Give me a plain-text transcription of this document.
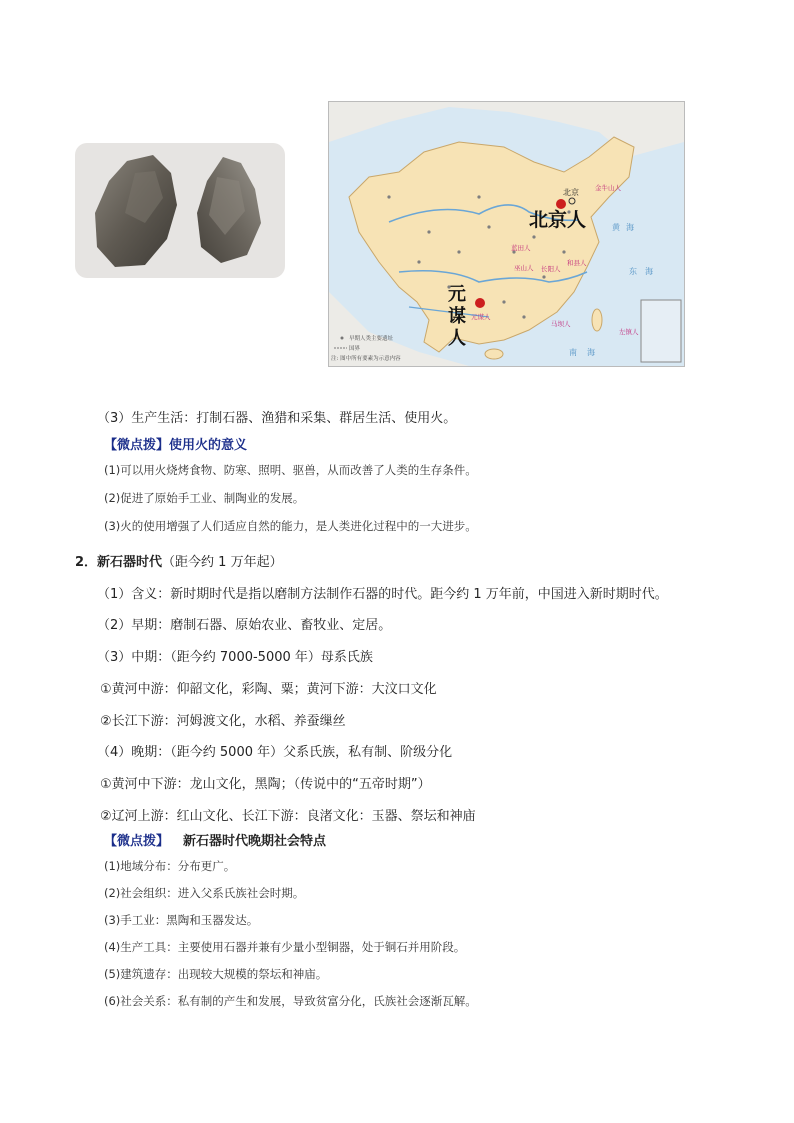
金牛山人
蓝田人
巫山人 长阳人
和县人
马坝人
左镇人
元谋人
黄 海
东 海
南 海
北京
北京人
元
谋
人
早期人类主要遗址
国界
注: 图中所有要素为示意内容
（3）生产生活：打制石器、渔猎和采集、群居生活、使用火。
【微点拨】使用火的意义
(1)可以用火烧烤食物、防寒、照明、驱兽，从而改善了人类的生存条件。
(2)促进了原始手工业、制陶业的发展。
(3)火的使用增强了人们适应自然的能力，是人类进化过程中的一大进步。
2．新石器时代（距今约 1 万年起）
（1）含义：新时期时代是指以磨制方法制作石器的时代。距今约 1 万年前，中国进入新时期时代。
（2）早期：磨制石器、原始农业、畜牧业、定居。
（3）中期：（距今约 7000-5000 年）母系氏族
①黄河中游：仰韶文化，彩陶、粟；黄河下游：大汶口文化
②长江下游：河姆渡文化，水稻、养蚕缫丝
（4）晚期：（距今约 5000 年）父系氏族，私有制、阶级分化
①黄河中下游：龙山文化，黑陶；（传说中的“五帝时期”）
②辽河上游：红山文化、长江下游：良渚文化：玉器、祭坛和神庙
【微点拨】 新石器时代晚期社会特点
(1)地域分布：分布更广。
(2)社会组织：进入父系氏族社会时期。
(3)手工业：黑陶和玉器发达。
(4)生产工具：主要使用石器并兼有少量小型铜器，处于铜石并用阶段。
(5)建筑遗存：出现较大规模的祭坛和神庙。
(6)社会关系：私有制的产生和发展，导致贫富分化，氏族社会逐渐瓦解。
